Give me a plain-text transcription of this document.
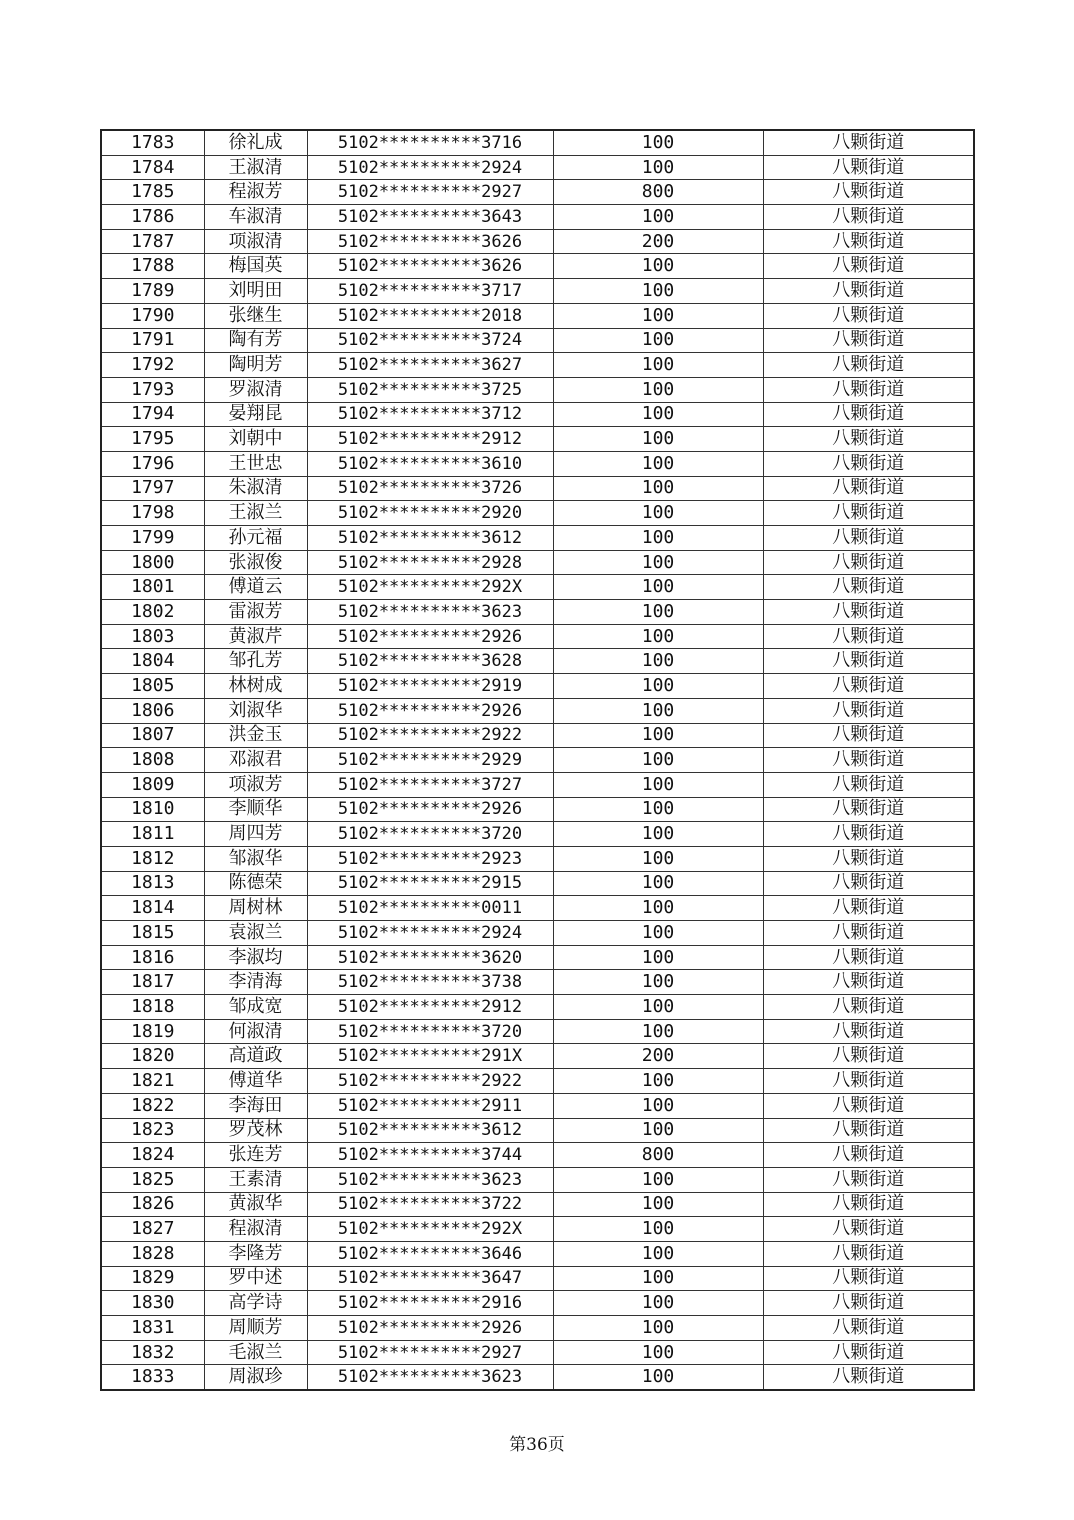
1783	徐礼成	5102**********3716	100	八颗街道
1784	王淑清	5102**********2924	100	八颗街道
1785	程淑芳	5102**********2927	800	八颗街道
1786	车淑清	5102**********3643	100	八颗街道
1787	项淑清	5102**********3626	200	八颗街道
1788	梅国英	5102**********3626	100	八颗街道
1789	刘明田	5102**********3717	100	八颗街道
1790	张继生	5102**********2018	100	八颗街道
1791	陶有芳	5102**********3724	100	八颗街道
1792	陶明芳	5102**********3627	100	八颗街道
1793	罗淑清	5102**********3725	100	八颗街道
1794	晏翔昆	5102**********3712	100	八颗街道
1795	刘朝中	5102**********2912	100	八颗街道
1796	王世忠	5102**********3610	100	八颗街道
1797	朱淑清	5102**********3726	100	八颗街道
1798	王淑兰	5102**********2920	100	八颗街道
1799	孙元福	5102**********3612	100	八颗街道
1800	张淑俊	5102**********2928	100	八颗街道
1801	傅道云	5102**********292X	100	八颗街道
1802	雷淑芳	5102**********3623	100	八颗街道
1803	黄淑芹	5102**********2926	100	八颗街道
1804	邹孔芳	5102**********3628	100	八颗街道
1805	林树成	5102**********2919	100	八颗街道
1806	刘淑华	5102**********2926	100	八颗街道
1807	洪金玉	5102**********2922	100	八颗街道
1808	邓淑君	5102**********2929	100	八颗街道
1809	项淑芳	5102**********3727	100	八颗街道
1810	李顺华	5102**********2926	100	八颗街道
1811	周四芳	5102**********3720	100	八颗街道
1812	邹淑华	5102**********2923	100	八颗街道
1813	陈德荣	5102**********2915	100	八颗街道
1814	周树林	5102**********0011	100	八颗街道
1815	袁淑兰	5102**********2924	100	八颗街道
1816	李淑均	5102**********3620	100	八颗街道
1817	李清海	5102**********3738	100	八颗街道
1818	邹成宽	5102**********2912	100	八颗街道
1819	何淑清	5102**********3720	100	八颗街道
1820	高道政	5102**********291X	200	八颗街道
1821	傅道华	5102**********2922	100	八颗街道
1822	李海田	5102**********2911	100	八颗街道
1823	罗茂林	5102**********3612	100	八颗街道
1824	张连芳	5102**********3744	800	八颗街道
1825	王素清	5102**********3623	100	八颗街道
1826	黄淑华	5102**********3722	100	八颗街道
1827	程淑清	5102**********292X	100	八颗街道
1828	李隆芳	5102**********3646	100	八颗街道
1829	罗中述	5102**********3647	100	八颗街道
1830	高学诗	5102**********2916	100	八颗街道
1831	周顺芳	5102**********2926	100	八颗街道
1832	毛淑兰	5102**********2927	100	八颗街道
1833	周淑珍	5102**********3623	100	八颗街道
第36页
